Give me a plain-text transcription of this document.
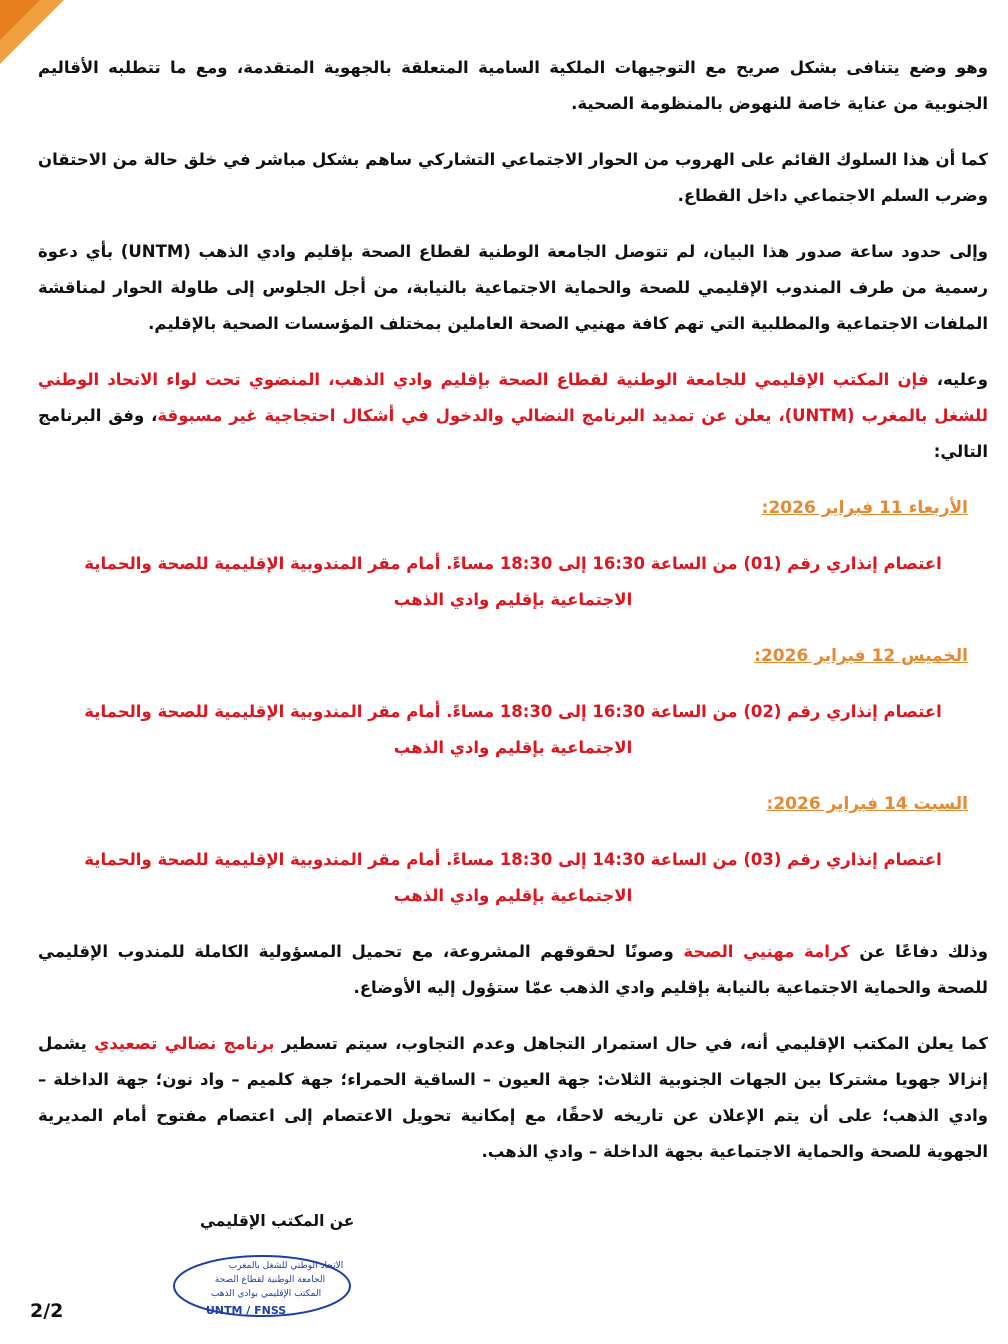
وهو وضع يتنافى بشكل صريح مع التوجيهات الملكية السامية المتعلقة بالجهوية المتقدمة، ومع ما تتطلبه الأقاليم الجنوبية من عناية خاصة للنهوض بالمنظومة الصحية.

كما أن هذا السلوك القائم على الهروب من الحوار الاجتماعي التشاركي ساهم بشكل مباشر في خلق حالة من الاحتقان وضرب السلم الاجتماعي داخل القطاع.

وإلى حدود ساعة صدور هذا البيان، لم تتوصل الجامعة الوطنية لقطاع الصحة بإقليم وادي الذهب (UNTM) بأي دعوة رسمية من طرف المندوب الإقليمي للصحة والحماية الاجتماعية بالنيابة، من أجل الجلوس إلى طاولة الحوار لمناقشة الملفات الاجتماعية والمطلبية التي تهم كافة مهنيي الصحة العاملين بمختلف المؤسسات الصحية بالإقليم.

وعليه، فإن المكتب الإقليمي للجامعة الوطنية لقطاع الصحة بإقليم وادي الذهب، المنضوي تحت لواء الاتحاد الوطني للشغل بالمغرب (UNTM)، يعلن عن تمديد البرنامج النضالي والدخول في أشكال احتجاجية غير مسبوقة، وفق البرنامج التالي:

الأربعاء 11 فبراير 2026:

اعتصام إنذاري رقم (01) من الساعة 16:30 إلى 18:30 مساءً. أمام مقر المندوبية الإقليمية للصحة والحماية الاجتماعية بإقليم وادي الذهب

الخميس 12 فبراير 2026:

اعتصام إنذاري رقم (02) من الساعة 16:30 إلى 18:30 مساءً. أمام مقر المندوبية الإقليمية للصحة والحماية الاجتماعية بإقليم وادي الذهب

السبت 14 فبراير 2026:

اعتصام إنذاري رقم (03) من الساعة 14:30 إلى 18:30 مساءً. أمام مقر المندوبية الإقليمية للصحة والحماية الاجتماعية بإقليم وادي الذهب

وذلك دفاعًا عن كرامة مهنيي الصحة وصونًا لحقوقهم المشروعة، مع تحميل المسؤولية الكاملة للمندوب الإقليمي للصحة والحماية الاجتماعية بالنيابة بإقليم وادي الذهب عمّا ستؤول إليه الأوضاع.

كما يعلن المكتب الإقليمي أنه، في حال استمرار التجاهل وعدم التجاوب، سيتم تسطير برنامج نضالي تصعيدي يشمل إنزالا جهويا مشتركا بين الجهات الجنوبية الثلاث: جهة العيون – الساقية الحمراء؛ جهة كلميم – واد نون؛ جهة الداخلة – وادي الذهب؛ على أن يتم الإعلان عن تاريخه لاحقًا، مع إمكانية تحويل الاعتصام إلى اعتصام مفتوح أمام المديرية الجهوية للصحة والحماية الاجتماعية بجهة الداخلة – وادي الذهب.

عن المكتب الإقليمي
الاتحاد الوطني للشغل بالمغرب
الجامعة الوطنية لقطاع الصحة
المكتب الإقليمي بوادي الذهب
UNTM / FNSS
2/2
